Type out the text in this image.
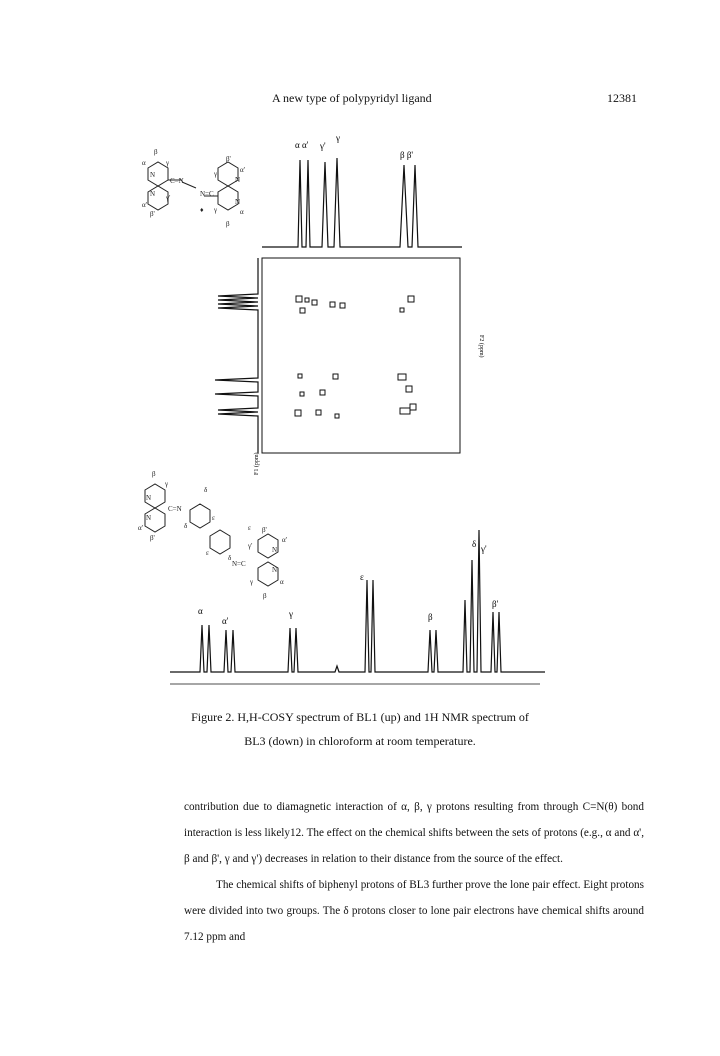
A new type of polypyridyl ligand	12381
β
α	γ
N
C=N
N
α'
γ'
β'
β'
α'
γ'
N
N=C
N
γ	α
β
♦
α α' γ'
γ
β β'
F2 (ppm)
F1 (ppm)
β
γ
N
C=N
N
δ
δ
ε
α'
β'
ε
ε
β'
α'
γ'
δ
N=C
N
N
γ	α
β
α
α'
γ
ε
β
δ γ'
β'
Figure 2. H,H-COSY spectrum of BL1 (up) and 1H NMR spectrum of
BL3 (down) in chloroform at room temperature.

contribution due to diamagnetic interaction of α, β, γ protons resulting from through C=N(θ) bond interaction is less likely12. The effect on the chemical shifts between the sets of protons (e.g., α and α', β and β', γ and γ') decreases in relation to their distance from the source of the effect.

The chemical shifts of biphenyl protons of BL3 further prove the lone pair effect. Eight protons were divided into two groups. The δ protons closer to lone pair electrons have chemical shifts around 7.12 ppm and
